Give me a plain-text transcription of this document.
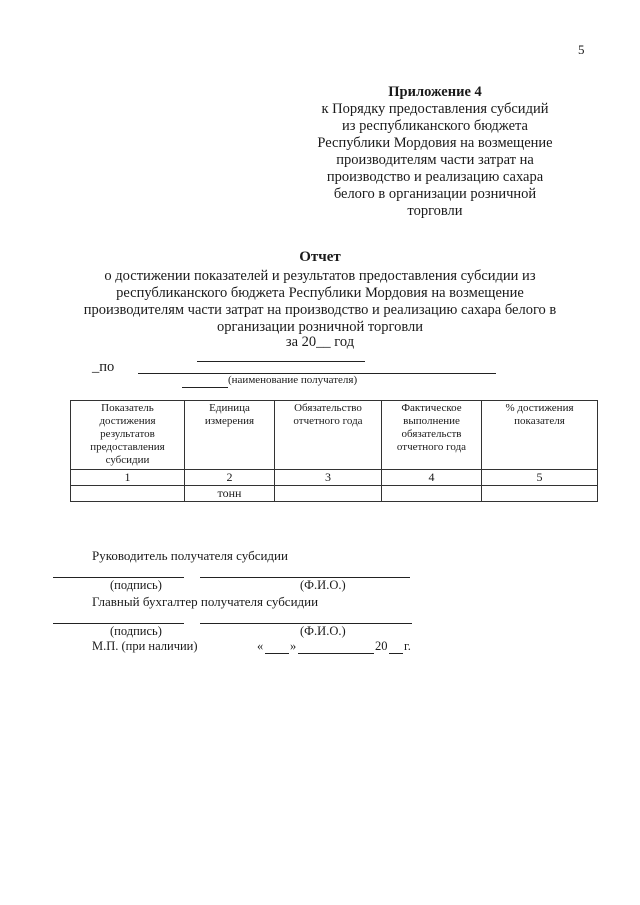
5
Приложение 4
к Порядку предоставления субсидий
из республиканского бюджета
Республики Мордовия на возмещение
производителям части затрат на
производство и реализацию сахара
белого в организации розничной
торговли
Отчет
о достижении показателей и результатов предоставления субсидии из
республиканского бюджета Республики Мордовия на возмещение
производителям части затрат на производство и реализацию сахара белого в
организации розничной торговли
за 20__ год
_по
(наименование получателя)
Показатель достижения результатов предоставления субсидии	Единица измерения	Обязательство отчетного года	Фактическое выполнение обязательств отчетного года	% достижения показателя
1	2	3	4	5
	тонн			
Руководитель получателя субсидии
(подпись)	(Ф.И.О.)
Главный бухгалтер получателя субсидии
(подпись)	(Ф.И.О.)
М.П. (при наличии)	« »	20 г.
